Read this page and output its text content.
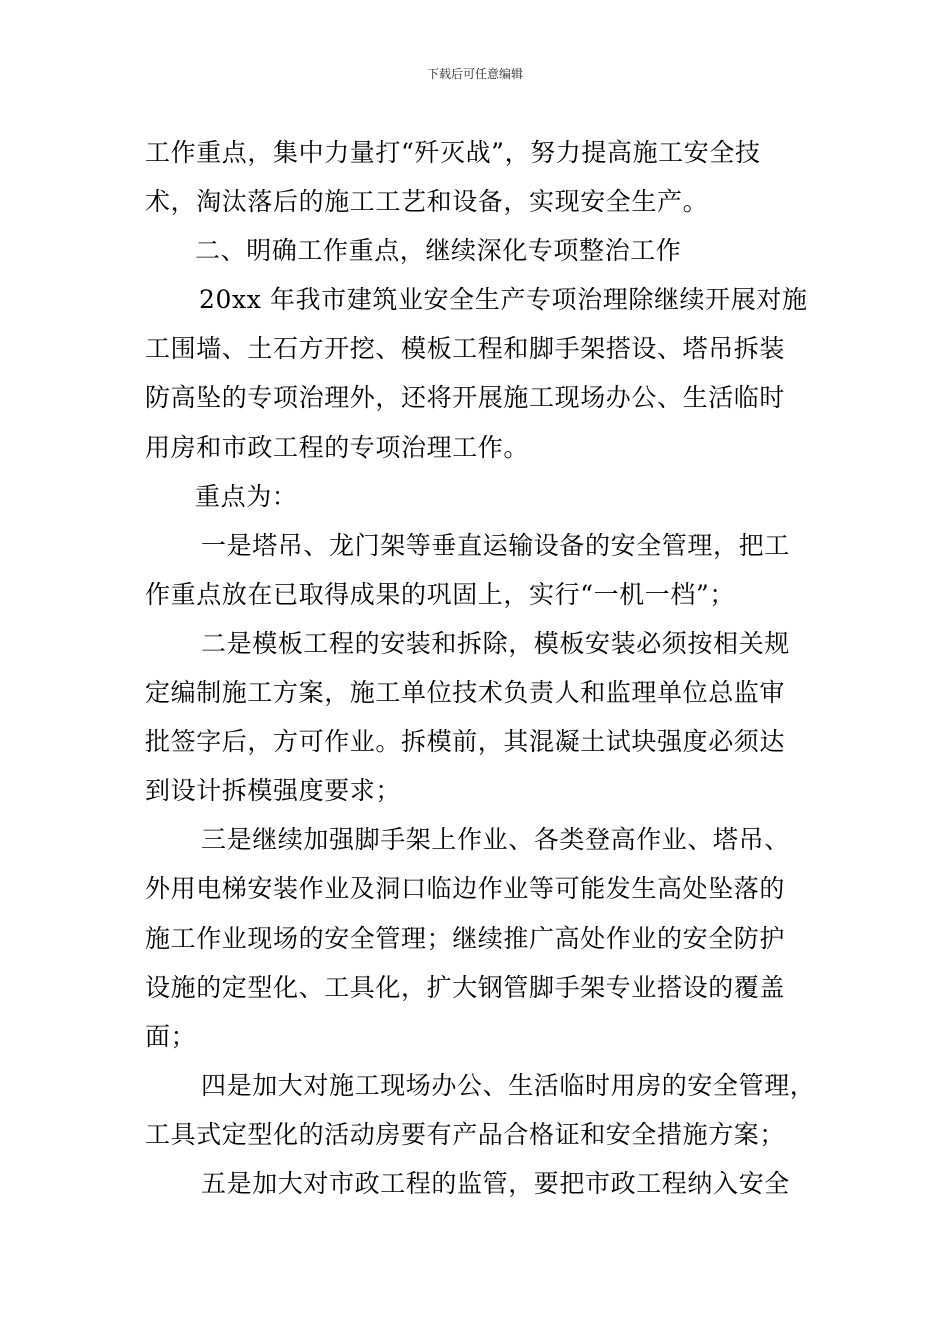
下载后可任意编辑
工作重点，集中力量打“歼灭战”，努力提高施工安全技
术，淘汰落后的施工工艺和设备，实现安全生产。
二、明确工作重点，继续深化专项整治工作
20xx 年我市建筑业安全生产专项治理除继续开展对施
工围墙、土石方开挖、模板工程和脚手架搭设、塔吊拆装
防高坠的专项治理外，还将开展施工现场办公、生活临时
用房和市政工程的专项治理工作。
重点为：
一是塔吊、龙门架等垂直运输设备的安全管理，把工
作重点放在已取得成果的巩固上，实行“一机一档”；
二是模板工程的安装和拆除，模板安装必须按相关规
定编制施工方案，施工单位技术负责人和监理单位总监审
批签字后，方可作业。拆模前，其混凝土试块强度必须达
到设计拆模强度要求；
三是继续加强脚手架上作业、各类登高作业、塔吊、
外用电梯安装作业及洞口临边作业等可能发生高处坠落的
施工作业现场的安全管理；继续推广高处作业的安全防护
设施的定型化、工具化，扩大钢管脚手架专业搭设的覆盖
面；
四是加大对施工现场办公、生活临时用房的安全管理，
工具式定型化的活动房要有产品合格证和安全措施方案；
五是加大对市政工程的监管，要把市政工程纳入安全
